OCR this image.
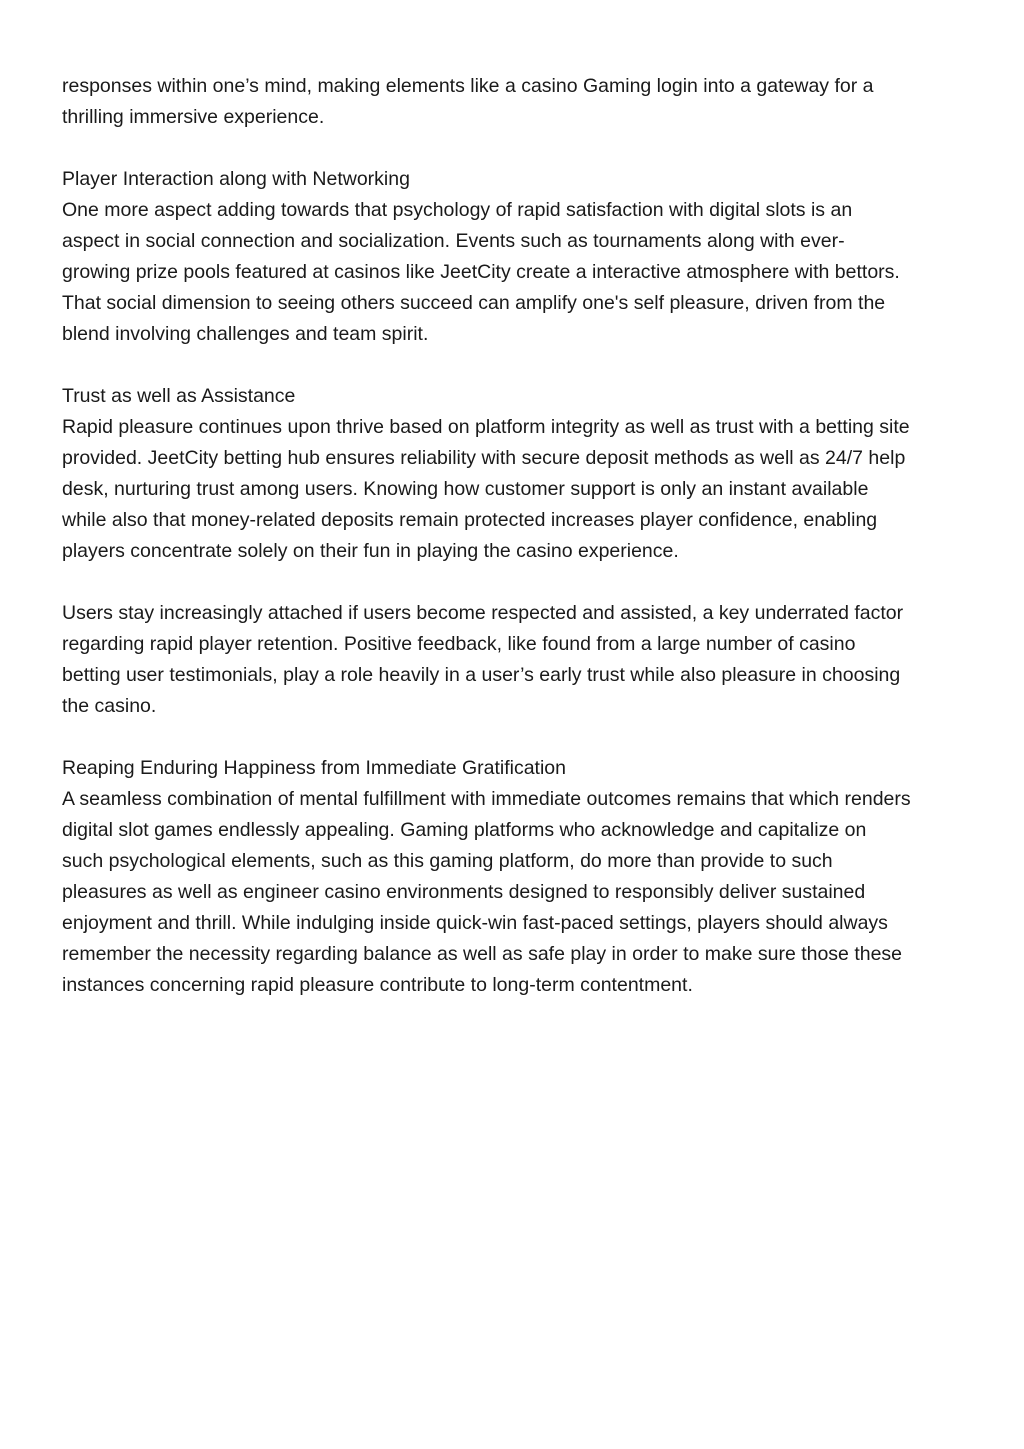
responses within one’s mind, making elements like a casino Gaming login into a gateway for a
thrilling immersive experience.
Player Interaction along with Networking
One more aspect adding towards that psychology of rapid satisfaction with digital slots is an
aspect in social connection and socialization. Events such as tournaments along with ever-
growing prize pools featured at casinos like JeetCity create a interactive atmosphere with bettors.
That social dimension to seeing others succeed can amplify one's self pleasure, driven from the
blend involving challenges and team spirit.
Trust as well as Assistance
Rapid pleasure continues upon thrive based on platform integrity as well as trust with a betting site
provided. JeetCity betting hub ensures reliability with secure deposit methods as well as 24/7 help
desk, nurturing trust among users. Knowing how customer support is only an instant available
while also that money-related deposits remain protected increases player confidence, enabling
players concentrate solely on their fun in playing the casino experience.
Users stay increasingly attached if users become respected and assisted, a key underrated factor
regarding rapid player retention. Positive feedback, like found from a large number of casino
betting user testimonials, play a role heavily in a user’s early trust while also pleasure in choosing
the casino.
Reaping Enduring Happiness from Immediate Gratification
A seamless combination of mental fulfillment with immediate outcomes remains that which renders
digital slot games endlessly appealing. Gaming platforms who acknowledge and capitalize on
such psychological elements, such as this gaming platform, do more than provide to such
pleasures as well as engineer casino environments designed to responsibly deliver sustained
enjoyment and thrill. While indulging inside quick-win fast-paced settings, players should always
remember the necessity regarding balance as well as safe play in order to make sure those these
instances concerning rapid pleasure contribute to long-term contentment.
